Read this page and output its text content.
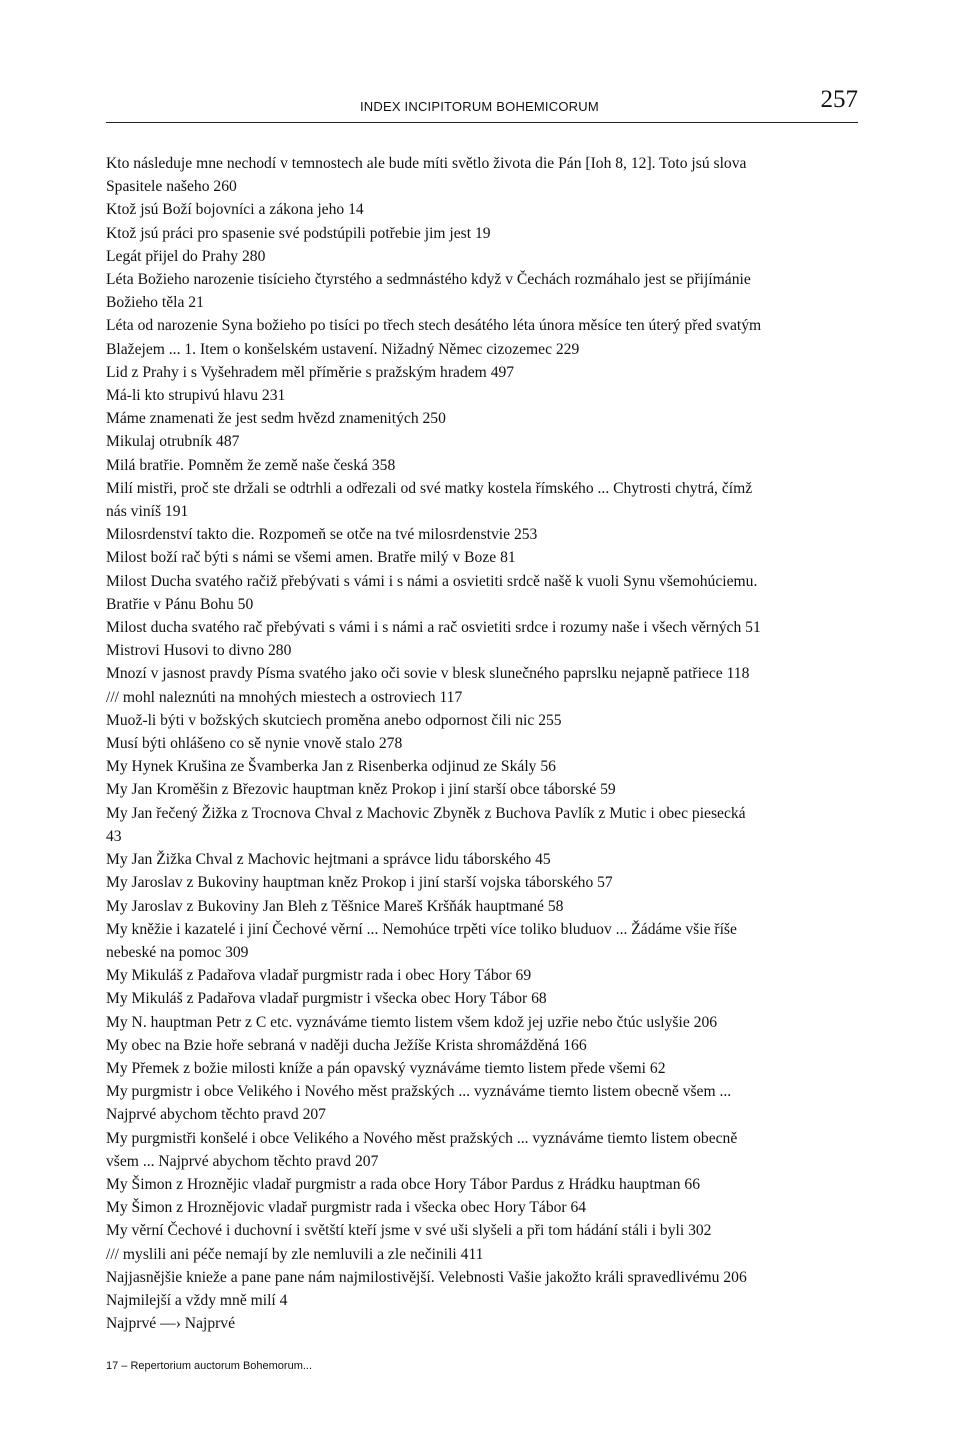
INDEX INCIPITORUM BOHEMICORUM	257
Kto následuje mne nechodí v temnostech ale bude míti světlo života die Pán [Ioh 8, 12]. Toto jsú slova
Spasitele našeho 260
Ktož jsú Boží bojovníci a zákona jeho 14
Ktož jsú práci pro spasenie své podstúpili potřebie jim jest 19
Legát přijel do Prahy 280
Léta Božieho narozenie tisícieho čtyrstého a sedmnástého když v Čechách rozmáhalo jest se přijímánie
Božieho těla 21
Léta od narozenie Syna božieho po tisíci po třech stech desátého léta února měsíce ten úterý před svatým
Blažejem ... 1. Item o konšelském ustavení. Nižadný Němec cizozemec 229
Lid z Prahy i s Vyšehradem měl příměrie s pražským hradem 497
Má-li kto strupivú hlavu 231
Máme znamenati že jest sedm hvězd znamenitých 250
Mikulaj otrubník 487
Milá bratřie. Pomněm že země naše česká 358
Milí mistři, proč ste držali se odtrhli a odřezali od své matky kostela římského ... Chytrosti chytrá, čímž
nás viníš 191
Milosrdenství takto die. Rozpomeň se otče na tvé milosrdenstvie 253
Milost boží rač býti s námi se všemi amen. Bratře milý v Boze 81
Milost Ducha svatého račiž přebývati s vámi i s námi a osvietiti srdcě našě k vuoli Synu všemohúciemu.
Bratřie v Pánu Bohu 50
Milost ducha svatého rač přebývati s vámi i s námi a rač osvietiti srdce i rozumy naše i všech věrných 51
Mistrovi Husovi to divno 280
Mnozí v jasnost pravdy Písma svatého jako oči sovie v blesk slunečného paprslku nejapně patřiece 118
/// mohl naleznúti na mnohých miestech a ostroviech 117
Muož-li býti v božských skutciech proměna anebo odpornost čili nic 255
Musí býti ohlášeno co sě nynie vnově stalo 278
My Hynek Krušina ze Švamberka Jan z Risenberka odjinud ze Skály 56
My Jan Kroměšin z Březovic hauptman kněz Prokop i jiní starší obce táborské 59
My Jan řečený Žižka z Trocnova Chval z Machovic Zbyněk z Buchova Pavlík z Mutic i obec piesecká
43
My Jan Žižka Chval z Machovic hejtmani a správce lidu táborského 45
My Jaroslav z Bukoviny hauptman kněz Prokop i jiní starší vojska táborského 57
My Jaroslav z Bukoviny Jan Bleh z Těšnice Mareš Kršňák hauptmané 58
My kněžie i kazatelé i jiní Čechové věrní ... Nemohúce trpěti více toliko bluduov ... Žádáme všie říše
nebeské na pomoc 309
My Mikuláš z Padařova vladař purgmistr rada i obec Hory Tábor 69
My Mikuláš z Padařova vladař purgmistr i všecka obec Hory Tábor 68
My N. hauptman Petr z C etc. vyznáváme tiemto listem všem kdož jej uzřie nebo čtúc uslyšie 206
My obec na Bzie hoře sebraná v naději ducha Ježíše Krista shromážděná 166
My Přemek z božie milosti kníže a pán opavský vyznáváme tiemto listem přede všemi 62
My purgmistr i obce Velikého i Nového měst pražských ... vyznáváme tiemto listem obecně všem ...
Najprvé abychom těchto pravd 207
My purgmistři konšelé i obce Velikého a Nového měst pražských ... vyznáváme tiemto listem obecně
všem ... Najprvé abychom těchto pravd 207
My Šimon z Hroznějic vladař purgmistr a rada obce Hory Tábor Pardus z Hrádku hauptman 66
My Šimon z Hroznějovic vladař purgmistr rada i všecka obec Hory Tábor 64
My věrní Čechové i duchovní i světští kteří jsme v své uši slyšeli a při tom hádání stáli i byli 302
/// myslili ani péče nemají by zle nemluvili a zle nečinili 411
Najjasnějšie knieže a pane pane nám najmilostivější. Velebnosti Vašie jakožto králi spravedlivému 206
Najmilejší a vždy mně milí 4
Najprvé —› Najprvé
17 – Repertorium auctorum Bohemorum...
